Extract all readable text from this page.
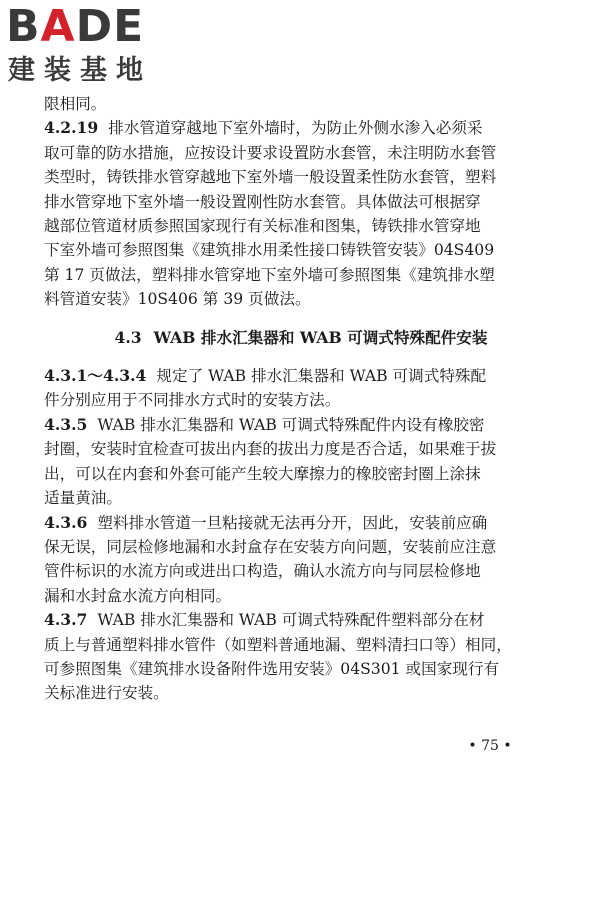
BADE
建装基地

限相同。

4.2.19 排水管道穿越地下室外墙时，为防止外侧水渗入必须采

取可靠的防水措施，应按设计要求设置防水套管，未注明防水套管

类型时，铸铁排水管穿越地下室外墙一般设置柔性防水套管，塑料

排水管穿地下室外墙一般设置刚性防水套管。具体做法可根据穿

越部位管道材质参照国家现行有关标准和图集，铸铁排水管穿地

下室外墙可参照图集《建筑排水用柔性接口铸铁管安装》04S409

第 17 页做法，塑料排水管穿地下室外墙可参照图集《建筑排水塑

料管道安装》10S406 第 39 页做法。

4.3 WAB 排水汇集器和 WAB 可调式特殊配件安装

4.3.1～4.3.4 规定了 WAB 排水汇集器和 WAB 可调式特殊配

件分别应用于不同排水方式时的安装方法。

4.3.5 WAB 排水汇集器和 WAB 可调式特殊配件内设有橡胶密

封圈，安装时宜检查可拔出内套的拔出力度是否合适，如果难于拔

出，可以在内套和外套可能产生较大摩擦力的橡胶密封圈上涂抹

适量黄油。

4.3.6 塑料排水管道一旦粘接就无法再分开，因此，安装前应确

保无误，同层检修地漏和水封盒存在安装方向问题，安装前应注意

管件标识的水流方向或进出口构造，确认水流方向与同层检修地

漏和水封盒水流方向相同。

4.3.7 WAB 排水汇集器和 WAB 可调式特殊配件塑料部分在材

质上与普通塑料排水管件（如塑料普通地漏、塑料清扫口等）相同，

可参照图集《建筑排水设备附件选用安装》04S301 或国家现行有

关标准进行安装。

• 75 •
